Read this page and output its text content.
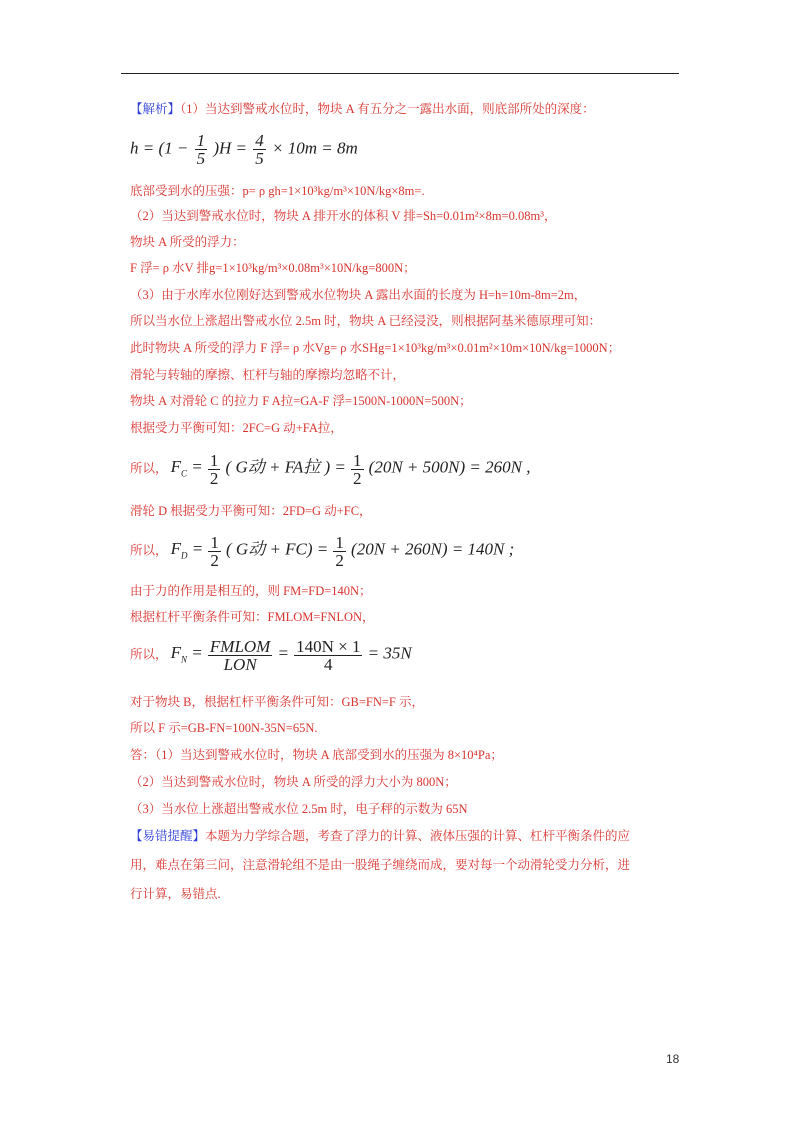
【解析】（1）当达到警戒水位时，物块 A 有五分之一露出水面，则底部所处的深度：
$h = (1 - \frac{1}{5} )H = \frac{4}{5} \times 10m = 8m$
底部受到水的压强：p= ρ gh=1×10³kg/m³×10N/kg×8m=.
（2）当达到警戒水位时，物块 A 排开水的体积 V 排=Sh=0.01m²×8m=0.08m³，
物块 A 所受的浮力：
F 浮= ρ 水V 排g=1×10³kg/m³×0.08m³×10N/kg=800N；
（3）由于水库水位刚好达到警戒水位物块 A 露出水面的长度为 H=h=10m-8m=2m，
所以当水位上涨超出警戒水位 2.5m 时，物块 A 已经浸没，则根据阿基米德原理可知：
此时物块 A 所受的浮力 F 浮= ρ 水Vg= ρ 水SHg=1×10³kg/m³×0.01m²×10m×10N/kg=1000N；
滑轮与转轴的摩擦、杠杆与轴的摩擦均忽略不计，
物块 A 对滑轮 C 的拉力 F A拉=GA-F 浮=1500N-1000N=500N；
根据受力平衡可知：2FC=G 动+FA拉，
所以， $F_C = \frac{1}{2}$ ( G动 + FA拉 ) = $\frac{1}{2} (20N + 500N) = 260N$ ,
滑轮 D 根据受力平衡可知：2FD=G 动+FC，
所以， $F_D = \frac{1}{2}$ ( G动 + $FC) = \frac{1}{2} (20N + 260N) = 140N$ ;
由于力的作用是相互的，则 FM=FD=140N；
根据杠杆平衡条件可知：FMLOM=FNLON，
所以， $F_N = \frac{\text{FMLOM}}{\text{LON}} = \frac{140N \times 1}{4} = 35N$
对于物块 B，根据杠杆平衡条件可知：GB=FN=F 示，
所以 F 示=GB-FN=100N-35N=65N.
答：（1）当达到警戒水位时，物块 A 底部受到水的压强为 8×10⁴Pa；
（2）当达到警戒水位时，物块 A 所受的浮力大小为 800N；
（3）当水位上涨超出警戒水位 2.5m 时，电子秤的示数为 65N
【易错提醒】本题为力学综合题，考查了浮力的计算、液体压强的计算、杠杆平衡条件的应
用，难点在第三问，注意滑轮组不是由一股绳子缠绕而成，要对每一个动滑轮受力分析，进
行计算，易错点.
18
